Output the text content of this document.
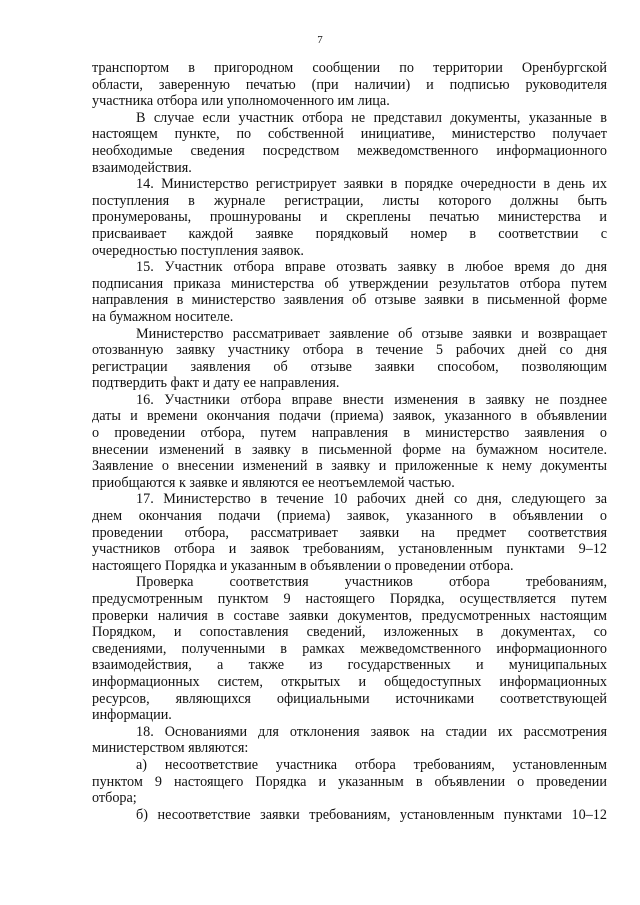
7
транспортом в пригородном сообщении по территории Оренбургской
области, заверенную печатью (при наличии) и подписью руководителя
участника отбора или уполномоченного им лица.
В случае если участник отбора не представил документы, указанные в
настоящем пункте, по собственной инициативе, министерство получает
необходимые сведения посредством межведомственного информационного
взаимодействия.
14. Министерство регистрирует заявки в порядке очередности в день их
поступления в журнале регистрации, листы которого должны быть
пронумерованы, прошнурованы и скреплены печатью министерства и
присваивает каждой заявке порядковый номер в соответствии с
очередностью поступления заявок.
15. Участник отбора вправе отозвать заявку в любое время до дня
подписания приказа министерства об утверждении результатов отбора путем
направления в министерство заявления об отзыве заявки в письменной форме
на бумажном носителе.
Министерство рассматривает заявление об отзыве заявки и возвращает
отозванную заявку участнику отбора в течение 5 рабочих дней со дня
регистрации заявления об отзыве заявки способом, позволяющим
подтвердить факт и дату ее направления.
16. Участники отбора вправе внести изменения в заявку не позднее
даты и времени окончания подачи (приема) заявок, указанного в объявлении
о проведении отбора, путем направления в министерство заявления о
внесении изменений в заявку в письменной форме на бумажном носителе.
Заявление о внесении изменений в заявку и приложенные к нему документы
приобщаются к заявке и являются ее неотъемлемой частью.
17. Министерство в течение 10 рабочих дней со дня, следующего за
днем окончания подачи (приема) заявок, указанного в объявлении о
проведении отбора, рассматривает заявки на предмет соответствия
участников отбора и заявок требованиям, установленным пунктами 9–12
настоящего Порядка и указанным в объявлении о проведении отбора.
Проверка соответствия участников отбора требованиям,
предусмотренным пунктом 9 настоящего Порядка, осуществляется путем
проверки наличия в составе заявки документов, предусмотренных настоящим
Порядком, и сопоставления сведений, изложенных в документах, со
сведениями, полученными в рамках межведомственного информационного
взаимодействия, а также из государственных и муниципальных
информационных систем, открытых и общедоступных информационных
ресурсов, являющихся официальными источниками соответствующей
информации.
18. Основаниями для отклонения заявок на стадии их рассмотрения
министерством являются:
а) несоответствие участника отбора требованиям, установленным
пунктом 9 настоящего Порядка и указанным в объявлении о проведении
отбора;
б) несоответствие заявки требованиям, установленным пунктами 10–12
